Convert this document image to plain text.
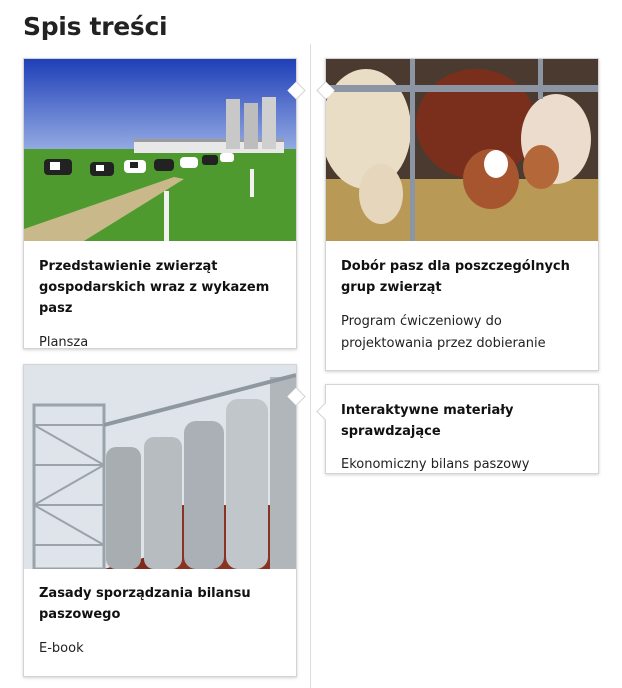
Spis treści

Przedstawienie zwierząt gospodarskich wraz z wykazem pasz

Plansza

Dobór pasz dla poszczególnych grup zwierząt

Program ćwiczeniowy do projektowania przez dobieranie

Zasady sporządzania bilansu paszowego

E-book

Interaktywne materiały sprawdzające

Ekonomiczny bilans paszowy
